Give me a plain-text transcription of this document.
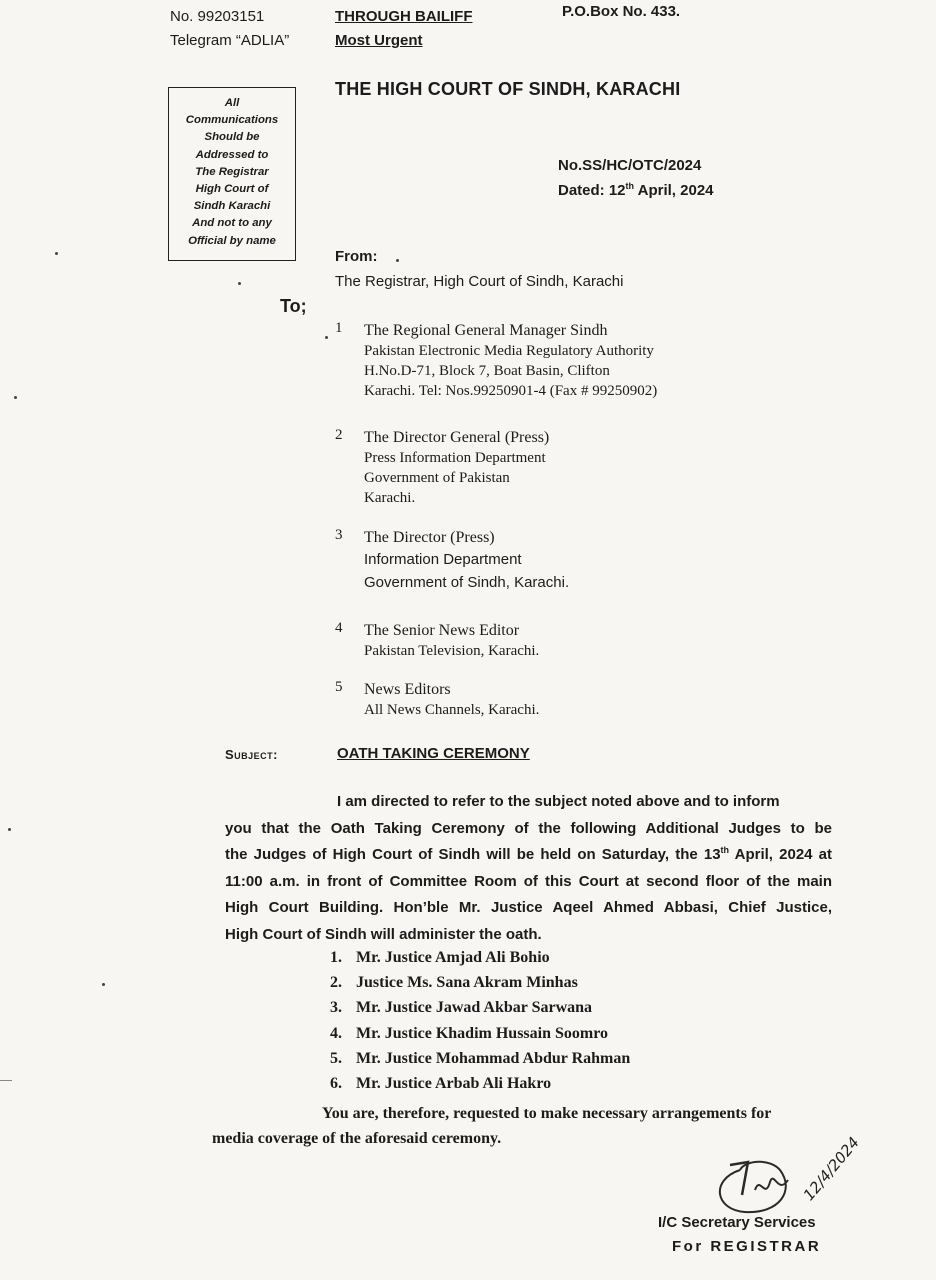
No. 99203151
Telegram “ADLIA”
THROUGH BAILIFF
Most Urgent
P.O.Box No. 433.
THE HIGH COURT OF SINDH, KARACHI
All
Communications
Should be
Addressed to
The Registrar
High Court of
Sindh Karachi
And not to any
Official by name
No.SS/HC/OTC/2024
Dated: 12th April, 2024
From:
The Registrar, High Court of Sindh, Karachi
To;
1	The Regional General Manager Sindh
Pakistan Electronic Media Regulatory Authority
H.No.D-71, Block 7, Boat Basin, Clifton
Karachi. Tel: Nos.99250901-4 (Fax # 99250902)
2	The Director General (Press)
Press Information Department
Government of Pakistan
Karachi.
3	The Director (Press)
Information Department
Government of Sindh, Karachi.
4	The Senior News Editor
Pakistan Television, Karachi.
5	News Editors
All News Channels, Karachi.
Subject:	OATH TAKING CEREMONY
I am directed to refer to the subject noted above and to inform
you that the Oath Taking Ceremony of the following Additional Judges to be
the Judges of High Court of Sindh will be held on Saturday, the 13th April, 2024 at
11:00 a.m. in front of Committee Room of this Court at second floor of the main
High Court Building. Hon’ble Mr. Justice Aqeel Ahmed Abbasi, Chief Justice,
High Court of Sindh will administer the oath.
1. Mr. Justice Amjad Ali Bohio
2. Justice Ms. Sana Akram Minhas
3. Mr. Justice Jawad Akbar Sarwana
4. Mr. Justice Khadim Hussain Soomro
5. Mr. Justice Mohammad Abdur Rahman
6. Mr. Justice Arbab Ali Hakro
You are, therefore, requested to make necessary arrangements for
media coverage of the aforesaid ceremony.	12/4/2024
I/C Secretary Services
For REGISTRAR
